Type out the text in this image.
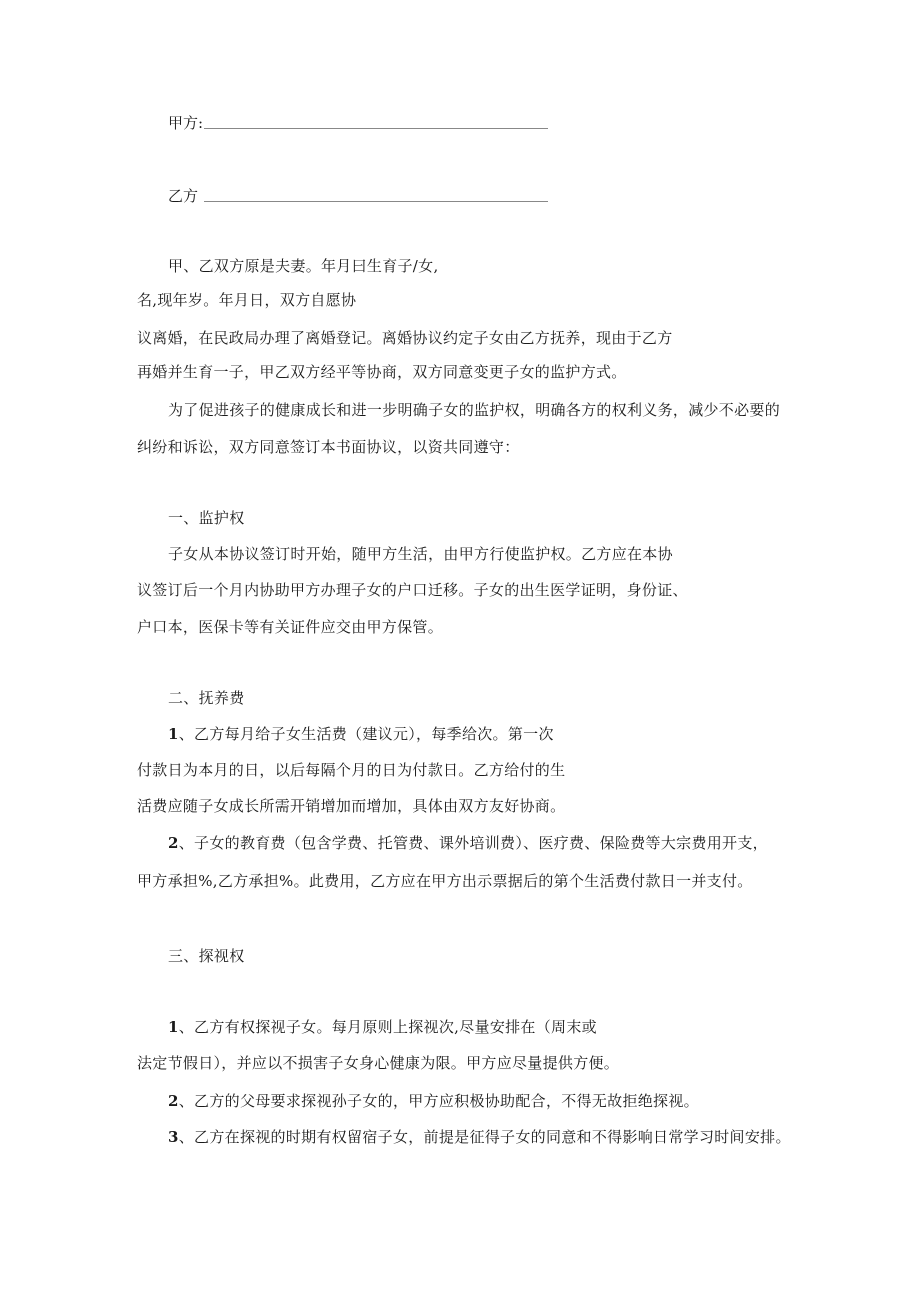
甲方:
乙方
甲、乙双方原是夫妻。年月曰生育子/女,
名,现年岁。年月日，双方自愿协
议离婚，在民政局办理了离婚登记。离婚协议约定子女由乙方抚养，现由于乙方
再婚并生育一子，甲乙双方经平等协商，双方同意变更子女的监护方式。
为了促进孩子的健康成长和进一步明确子女的监护权，明确各方的权利义务，减少不必要的
纠纷和诉讼，双方同意签订本书面协议，以资共同遵守：
一、监护权
子女从本协议签订时开始，随甲方生活，由甲方行使监护权。乙方应在本协
议签订后一个月内协助甲方办理子女的户口迁移。子女的出生医学证明，身份证、
户口本，医保卡等有关证件应交由甲方保管。
二、抚养费
1、乙方每月给子女生活费（建议元），每季给次。第一次
付款日为本月的日，以后每隔个月的日为付款日。乙方给付的生
活费应随子女成长所需开销增加而增加，具体由双方友好协商。
2、子女的教育费（包含学费、托管费、课外培训费）、医疗费、保险费等大宗费用开支，
甲方承担%,乙方承担%。此费用，乙方应在甲方出示票据后的第个生活费付款日一并支付。
三、探视权
1、乙方有权探视子女。每月原则上探视次,尽量安排在（周末或
法定节假日），并应以不损害子女身心健康为限。甲方应尽量提供方便。
2、乙方的父母要求探视孙子女的，甲方应积极协助配合，不得无故拒绝探视。
3、乙方在探视的时期有权留宿子女，前提是征得子女的同意和不得影响日常学习时间安排。
